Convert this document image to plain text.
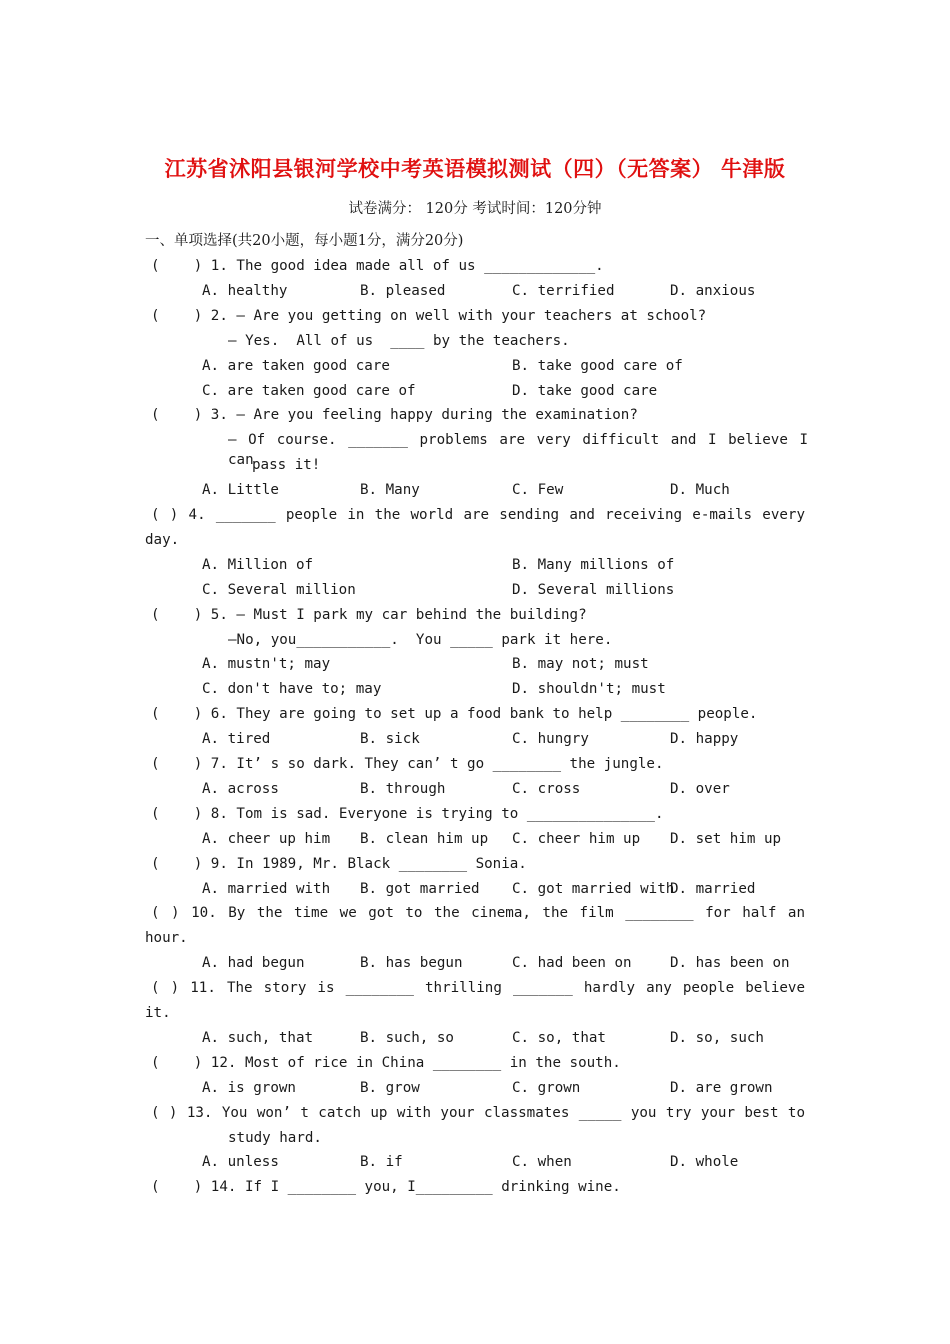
江苏省沭阳县银河学校中考英语模拟测试（四）（无答案） 牛津版
试卷满分： 120分 考试时间：120分钟
一、单项选择(共20小题，每小题1分，满分20分)
(    ) 1. The good idea made all of us _____________.
A. healthy	B. pleased	C. terrified	D. anxious
(    ) 2. — Are you getting on well with your teachers at school?
— Yes.  All of us  ____ by the teachers.
A. are taken good care	B. take good care of
C. are taken good care of	D. take good care
(    ) 3. — Are you feeling happy during the examination?
— Of course. _______ problems are very difficult and I believe I can
pass it!
A. Little	B. Many	C. Few	D. Much
( ) 4. _______ people in the world are sending and receiving e-mails every
day.
A. Million of	B. Many millions of
C. Several million	D. Several millions
(    ) 5. — Must I park my car behind the building?
—No, you___________.  You _____ park it here.
A. mustn't; may	B. may not; must
C. don't have to; may	D. shouldn't; must
(    ) 6. They are going to set up a food bank to help ________ people.
A. tired	B. sick	C. hungry	D. happy
(    ) 7. It’ s so dark. They can’ t go ________ the jungle.
A. across	B. through	C. cross	D. over
(    ) 8. Tom is sad. Everyone is trying to _______________.
A. cheer up him B. clean him up C. cheer him up D. set him up
(    ) 9. In 1989, Mr. Black ________ Sonia.
A. married with B. got married C. got married with
D. married
( ) 10. By the time we got to the cinema, the film ________ for half an
hour.
A. had begun	B. has begun	C. had been on	D. has been on
( ) 11. The story is ________ thrilling _______ hardly any people believe
it.
A. such, that	B. such, so	C. so, that	D. so, such
(    ) 12. Most of rice in China ________ in the south.
A. is grown	B. grow	C. grown	D. are grown
( ) 13. You won’ t catch up with your classmates _____ you try your best to
study hard.
A. unless	B. if	C. when	D. whole
(    ) 14. If I ________ you, I_________ drinking wine.
